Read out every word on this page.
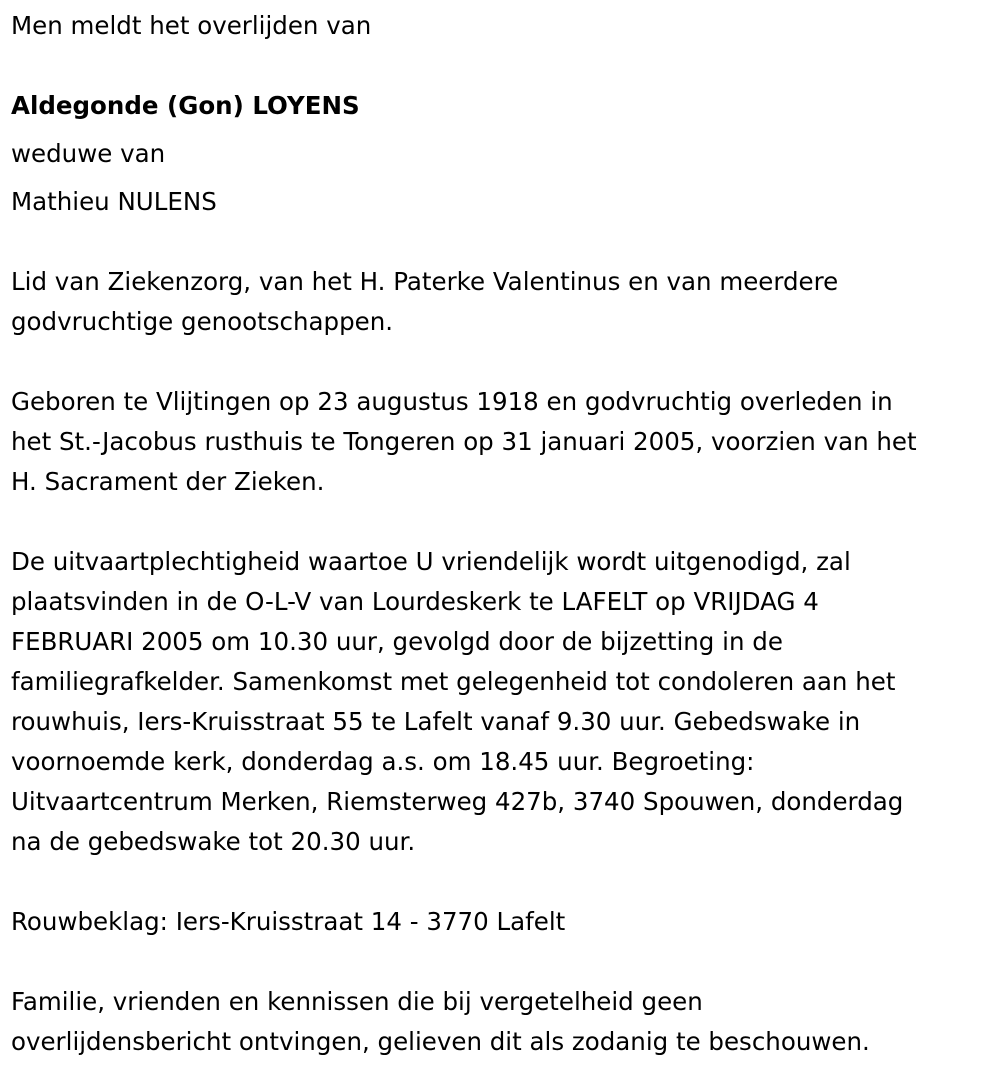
Men meldt het overlijden van
Aldegonde (Gon) LOYENS
weduwe van
Mathieu NULENS
Lid van Ziekenzorg, van het H. Paterke Valentinus en van meerdere
godvruchtige genootschappen.
Geboren te Vlijtingen op 23 augustus 1918 en godvruchtig overleden in
het St.-Jacobus rusthuis te Tongeren op 31 januari 2005, voorzien van het
H. Sacrament der Zieken.
De uitvaartplechtigheid waartoe U vriendelijk wordt uitgenodigd, zal
plaatsvinden in de O-L-V van Lourdeskerk te LAFELT op VRIJDAG 4
FEBRUARI 2005 om 10.30 uur, gevolgd door de bijzetting in de
familiegrafkelder. Samenkomst met gelegenheid tot condoleren aan het
rouwhuis, Iers-Kruisstraat 55 te Lafelt vanaf 9.30 uur. Gebedswake in
voornoemde kerk, donderdag a.s. om 18.45 uur. Begroeting:
Uitvaartcentrum Merken, Riemsterweg 427b, 3740 Spouwen, donderdag
na de gebedswake tot 20.30 uur.
Rouwbeklag: Iers-Kruisstraat 14 - 3770 Lafelt
Familie, vrienden en kennissen die bij vergetelheid geen
overlijdensbericht ontvingen, gelieven dit als zodanig te beschouwen.
